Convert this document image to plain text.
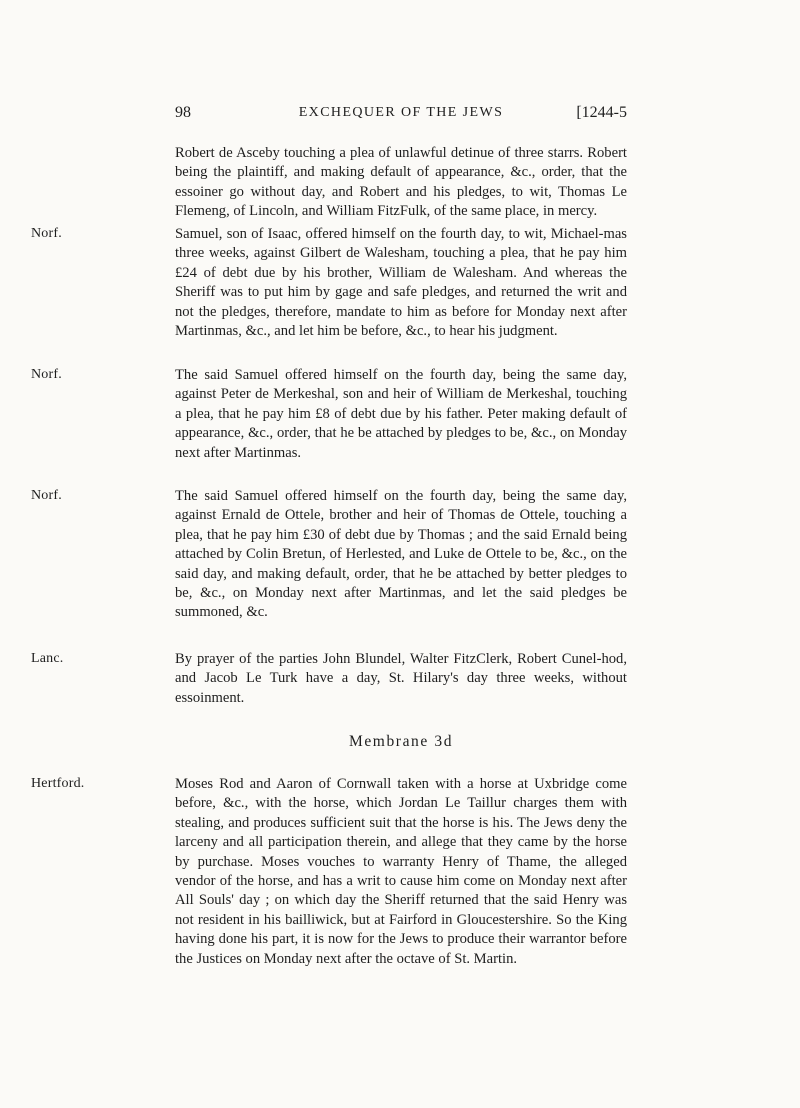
98	EXCHEQUER OF THE JEWS	[1244-5

Robert de Asceby touching a plea of unlawful detinue of three starrs. Robert being the plaintiff, and making default of appearance, &c., order, that the essoiner go without day, and Robert and his pledges, to wit, Thomas Le Flemeng, of Lincoln, and William FitzFulk, of the same place, in mercy.

Norf.	Samuel, son of Isaac, offered himself on the fourth day, to wit, Michael-mas three weeks, against Gilbert de Walesham, touching a plea, that he pay him £24 of debt due by his brother, William de Walesham. And whereas the Sheriff was to put him by gage and safe pledges, and returned the writ and not the pledges, therefore, mandate to him as before for Monday next after Martinmas, &c., and let him be before, &c., to hear his judgment.

Norf.	The said Samuel offered himself on the fourth day, being the same day, against Peter de Merkeshal, son and heir of William de Merkeshal, touching a plea, that he pay him £8 of debt due by his father. Peter making default of appearance, &c., order, that he be attached by pledges to be, &c., on Monday next after Martinmas.

Norf.	The said Samuel offered himself on the fourth day, being the same day, against Ernald de Ottele, brother and heir of Thomas de Ottele, touching a plea, that he pay him £30 of debt due by Thomas ; and the said Ernald being attached by Colin Bretun, of Herlested, and Luke de Ottele to be, &c., on the said day, and making default, order, that he be attached by better pledges to be, &c., on Monday next after Martinmas, and let the said pledges be summoned, &c.

Lanc.	By prayer of the parties John Blundel, Walter FitzClerk, Robert Cunel-hod, and Jacob Le Turk have a day, St. Hilary's day three weeks, without essoinment.

Membrane 3d
Hertford.	Moses Rod and Aaron of Cornwall taken with a horse at Uxbridge come before, &c., with the horse, which Jordan Le Taillur charges them with stealing, and produces sufficient suit that the horse is his. The Jews deny the larceny and all participation therein, and allege that they came by the horse by purchase. Moses vouches to warranty Henry of Thame, the alleged vendor of the horse, and has a writ to cause him come on Monday next after All Souls' day ; on which day the Sheriff returned that the said Henry was not resident in his bailliwick, but at Fairford in Gloucestershire. So the King having done his part, it is now for the Jews to produce their warrantor before the Justices on Monday next after the octave of St. Martin.
